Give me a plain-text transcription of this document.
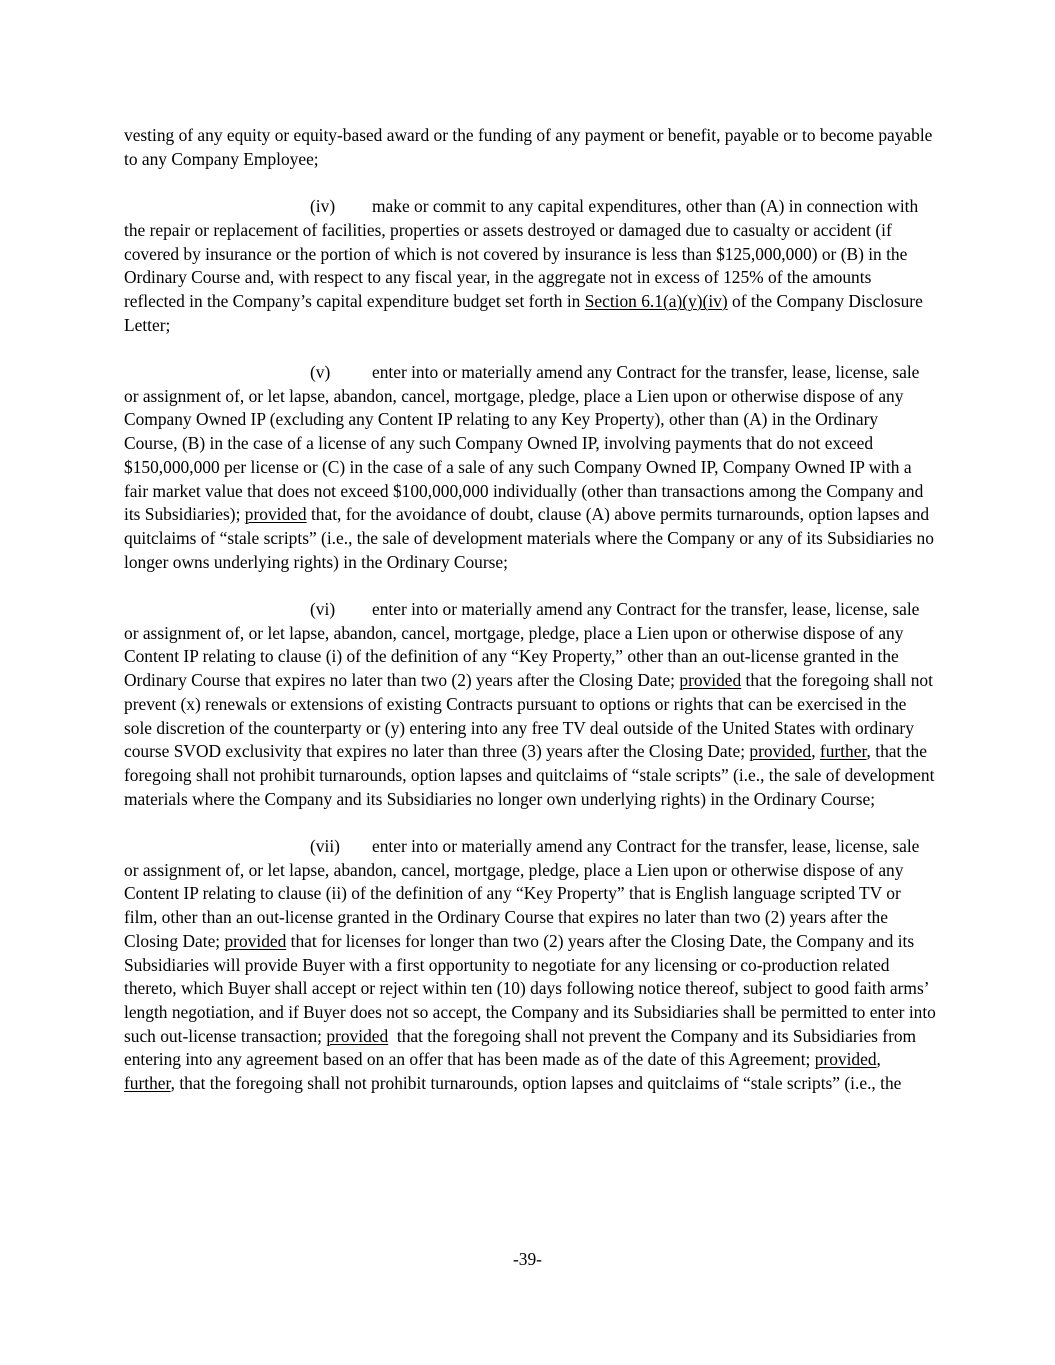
vesting of any equity or equity-based award or the funding of any payment or benefit, payable or to become payable to any Company Employee;

(iv) make or commit to any capital expenditures, other than (A) in connection with the repair or replacement of facilities, properties or assets destroyed or damaged due to casualty or accident (if covered by insurance or the portion of which is not covered by insurance is less than $125,000,000) or (B) in the Ordinary Course and, with respect to any fiscal year, in the aggregate not in excess of 125% of the amounts reflected in the Company’s capital expenditure budget set forth in Section 6.1(a)(y)(iv) of the Company Disclosure Letter;

(v) enter into or materially amend any Contract for the transfer, lease, license, sale or assignment of, or let lapse, abandon, cancel, mortgage, pledge, place a Lien upon or otherwise dispose of any Company Owned IP (excluding any Content IP relating to any Key Property), other than (A) in the Ordinary Course, (B) in the case of a license of any such Company Owned IP, involving payments that do not exceed $150,000,000 per license or (C) in the case of a sale of any such Company Owned IP, Company Owned IP with a fair market value that does not exceed $100,000,000 individually (other than transactions among the Company and its Subsidiaries); provided that, for the avoidance of doubt, clause (A) above permits turnarounds, option lapses and quitclaims of “stale scripts” (i.e., the sale of development materials where the Company or any of its Subsidiaries no longer owns underlying rights) in the Ordinary Course;

(vi) enter into or materially amend any Contract for the transfer, lease, license, sale or assignment of, or let lapse, abandon, cancel, mortgage, pledge, place a Lien upon or otherwise dispose of any Content IP relating to clause (i) of the definition of any “Key Property,” other than an out-license granted in the Ordinary Course that expires no later than two (2) years after the Closing Date; provided that the foregoing shall not prevent (x) renewals or extensions of existing Contracts pursuant to options or rights that can be exercised in the sole discretion of the counterparty or (y) entering into any free TV deal outside of the United States with ordinary course SVOD exclusivity that expires no later than three (3) years after the Closing Date; provided, further, that the foregoing shall not prohibit turnarounds, option lapses and quitclaims of “stale scripts” (i.e., the sale of development materials where the Company and its Subsidiaries no longer own underlying rights) in the Ordinary Course;

(vii) enter into or materially amend any Contract for the transfer, lease, license, sale or assignment of, or let lapse, abandon, cancel, mortgage, pledge, place a Lien upon or otherwise dispose of any Content IP relating to clause (ii) of the definition of any “Key Property” that is English language scripted TV or film, other than an out-license granted in the Ordinary Course that expires no later than two (2) years after the Closing Date; provided that for licenses for longer than two (2) years after the Closing Date, the Company and its Subsidiaries will provide Buyer with a first opportunity to negotiate for any licensing or co-production related thereto, which Buyer shall accept or reject within ten (10) days following notice thereof, subject to good faith arms’ length negotiation, and if Buyer does not so accept, the Company and its Subsidiaries shall be permitted to enter into such out-license transaction; provided  that the foregoing shall not prevent the Company and its Subsidiaries from entering into any agreement based on an offer that has been made as of the date of this Agreement; provided, further, that the foregoing shall not prohibit turnarounds, option lapses and quitclaims of “stale scripts” (i.e., the

-39-
